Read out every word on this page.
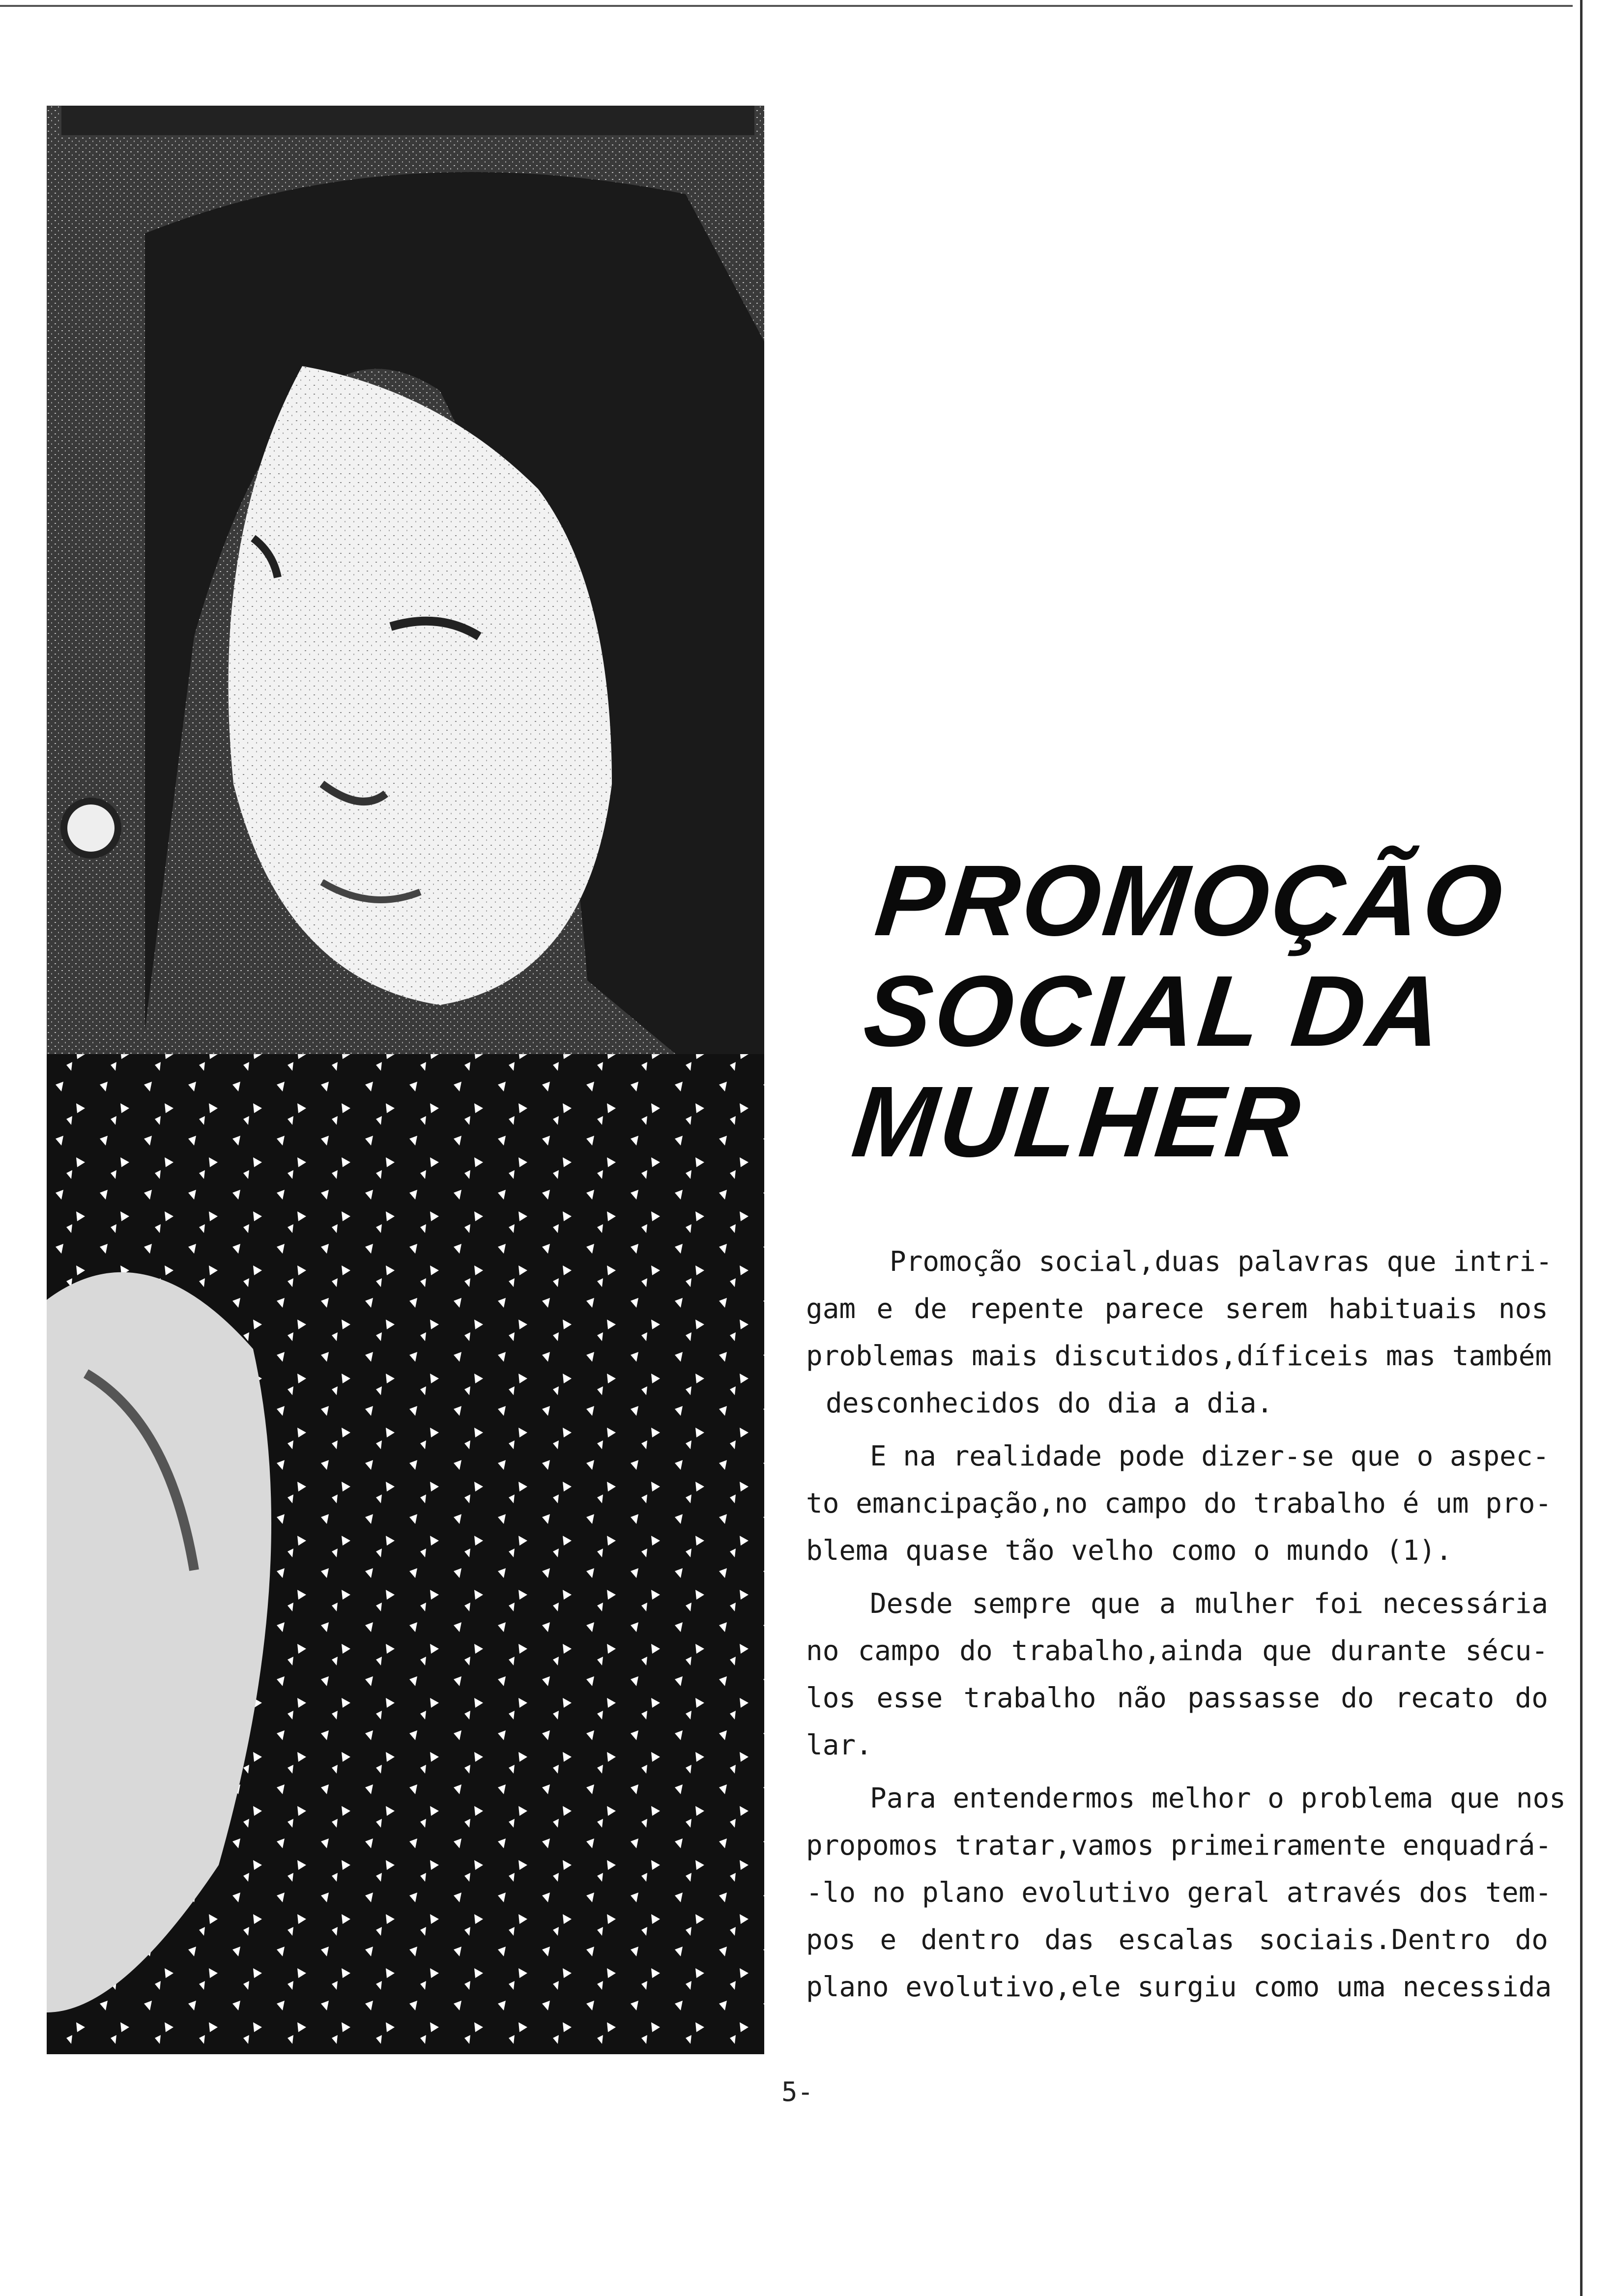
PROMOÇÃO
SOCIAL DA
MULHER
Promoção social,duas palavras que intri-
gam e de repente parece serem habituais nos
problemas mais discutidos,díficeis mas também
desconhecidos do dia a dia.
E na realidade pode dizer-se que o aspec-
to emancipação,no campo do trabalho é um pro-
blema quase tão velho como o mundo (1).
Desde sempre que a mulher foi necessária
no campo do trabalho,ainda que durante sécu-
los esse trabalho não passasse do recato do
lar.
Para entendermos melhor o problema que nos
propomos tratar,vamos primeiramente enquadrá-
-lo no plano evolutivo geral através dos tem-
pos e dentro das escalas sociais.Dentro do
plano evolutivo,ele surgiu como uma necessida
5-
